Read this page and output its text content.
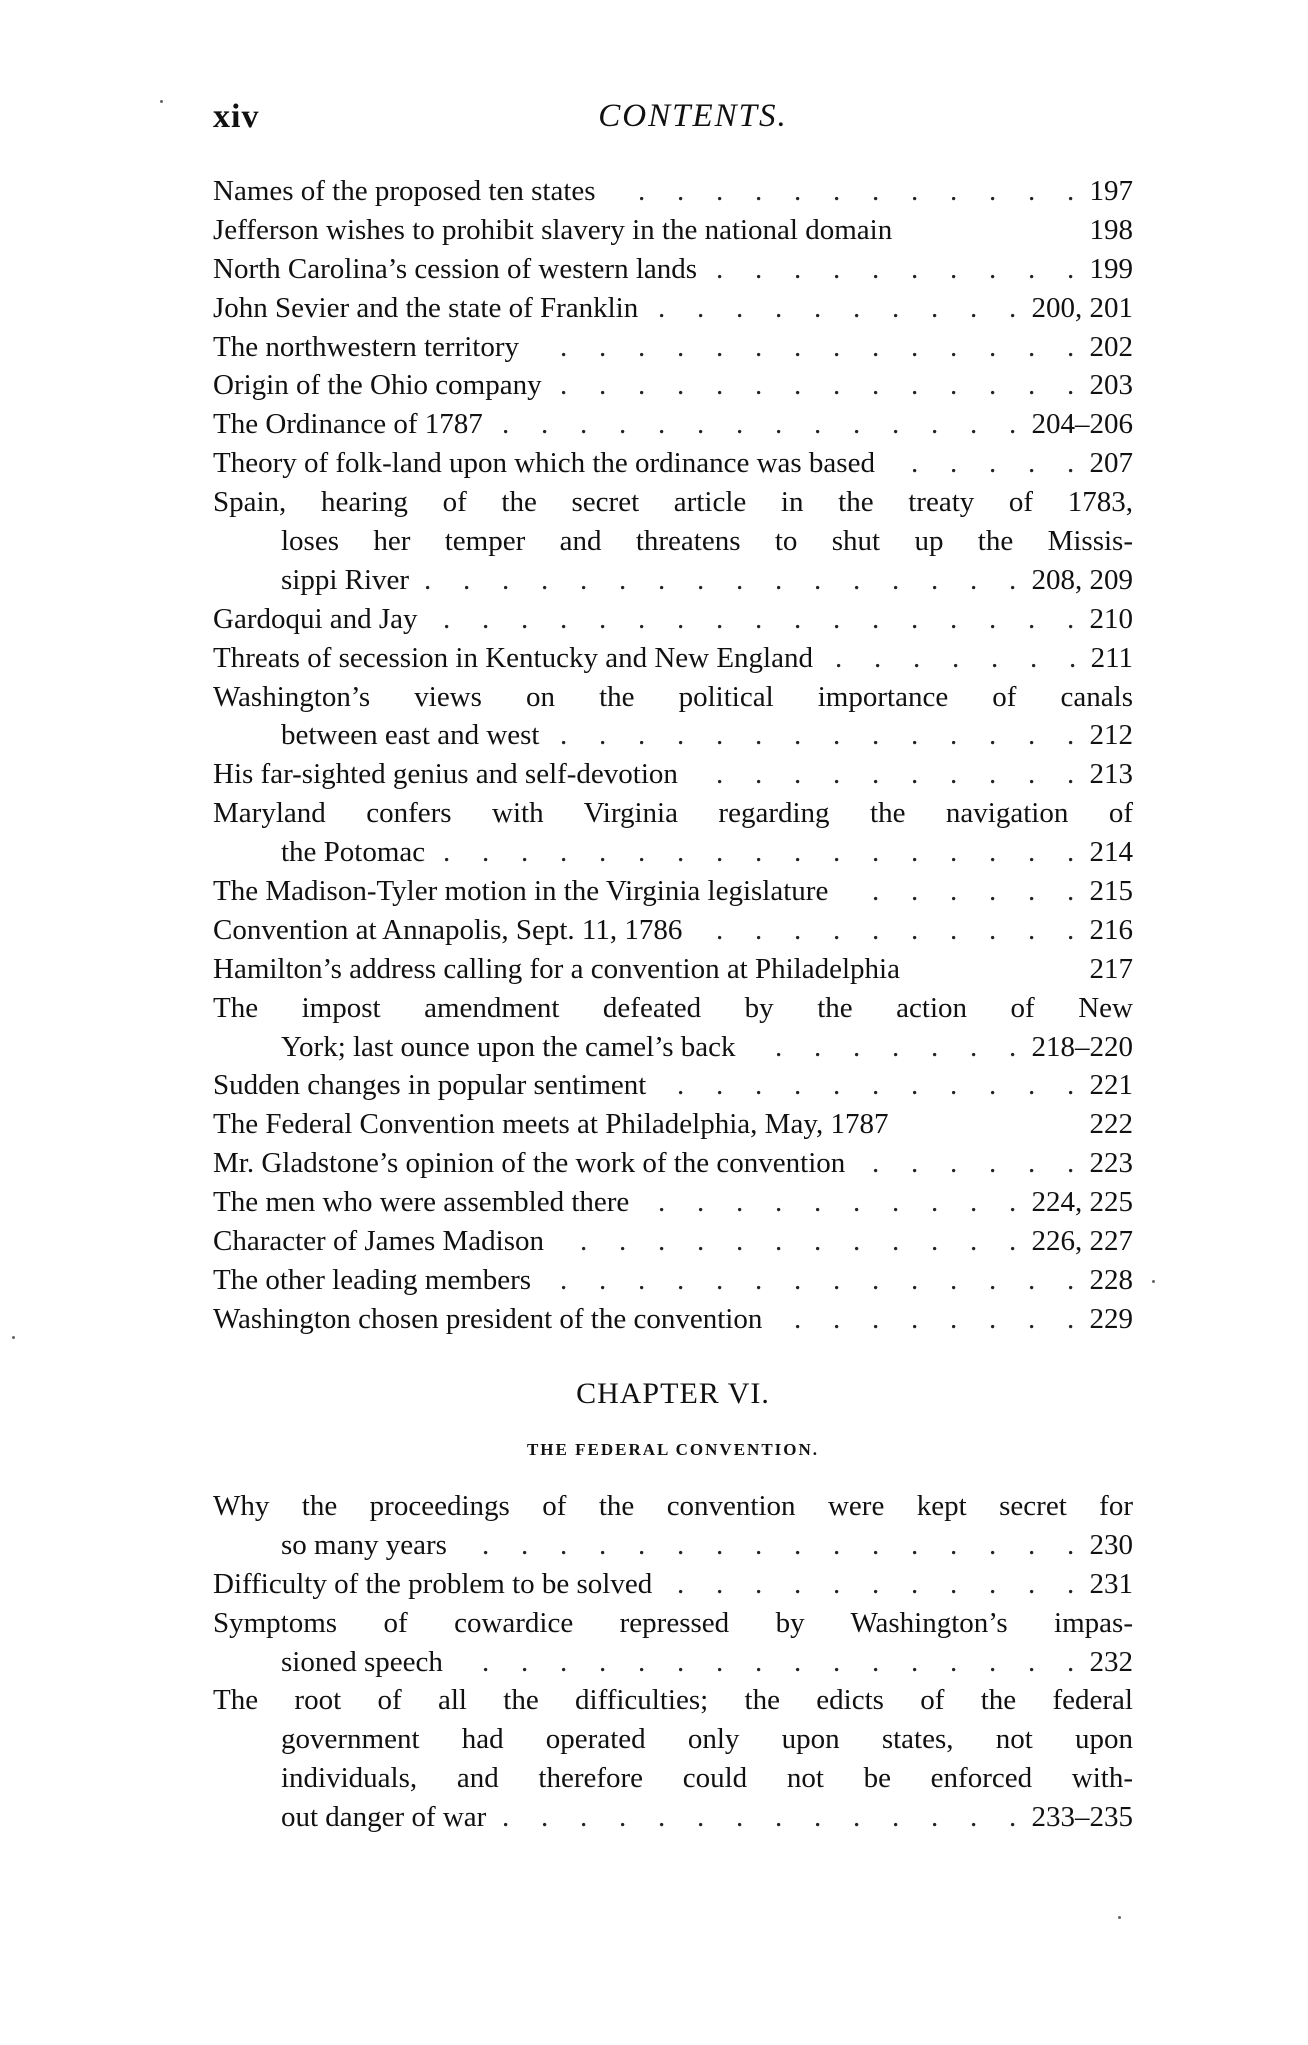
xiv	CONTENTS.
Names of the proposed ten states	197
.
.
.
.
.
.
.
.
.
.
.
.
Jefferson wishes to prohibit slavery in the national domain	198
North Carolina’s cession of western lands	199
.
.
.
.
.
.
.
.
.
.
John Sevier and the state of Franklin	200, 201
.
.
.
.
.
.
.
.
.
.
The northwestern territory	202
.
.
.
.
.
.
.
.
.
.
.
.
.
.
Origin of the Ohio company	203
.
.
.
.
.
.
.
.
.
.
.
.
.
.
The Ordinance of 1787	204–206
.
.
.
.
.
.
.
.
.
.
.
.
.
.
Theory of folk-land upon which the ordinance was based	207
.
.
.
.
.
Spain, hearing of the secret article in the treaty of 1783,
loses her temper and threatens to shut up the Missis-
sippi River	208, 209
.
.
.
.
.
.
.
.
.
.
.
.
.
.
.
.
Gardoqui and Jay	210
.
.
.
.
.
.
.
.
.
.
.
.
.
.
.
.
.
Threats of secession in Kentucky and New England	211
.
.
.
.
.
.
.
Washington’s views on the political importance of canals
between east and west	212
.
.
.
.
.
.
.
.
.
.
.
.
.
.
His far-sighted genius and self-devotion	213
.
.
.
.
.
.
.
.
.
.
Maryland confers with Virginia regarding the navigation of
the Potomac	214
.
.
.
.
.
.
.
.
.
.
.
.
.
.
.
.
.
The Madison-Tyler motion in the Virginia legislature	215
.
.
.
.
.
.
Convention at Annapolis, Sept. 11, 1786	216
.
.
.
.
.
.
.
.
.
.
Hamilton’s address calling for a convention at Philadelphia	217
The impost amendment defeated by the action of New
York; last ounce upon the camel’s back	218–220
.
.
.
.
.
.
.
Sudden changes in popular sentiment	221
.
.
.
.
.
.
.
.
.
.
.
The Federal Convention meets at Philadelphia, May, 1787	222
Mr. Gladstone’s opinion of the work of the convention	223
.
.
.
.
.
.
The men who were assembled there	224, 225
.
.
.
.
.
.
.
.
.
.
Character of James Madison	226, 227
.
.
.
.
.
.
.
.
.
.
.
.
The other leading members	228
.
.
.
.
.
.
.
.
.
.
.
.
.
.
Washington chosen president of the convention	229
.
.
.
.
.
.
.
.
CHAPTER VI.
THE FEDERAL CONVENTION.
Why the proceedings of the convention were kept secret for
so many years	230
.
.
.
.
.
.
.
.
.
.
.
.
.
.
.
.
Difficulty of the problem to be solved	231
.
.
.
.
.
.
.
.
.
.
.
Symptoms of cowardice repressed by Washington’s impas-
sioned speech	232
.
.
.
.
.
.
.
.
.
.
.
.
.
.
.
.
The root of all the difficulties; the edicts of the federal
government had operated only upon states, not upon
individuals, and therefore could not be enforced with-
out danger of war	233–235
.
.
.
.
.
.
.
.
.
.
.
.
.
.
